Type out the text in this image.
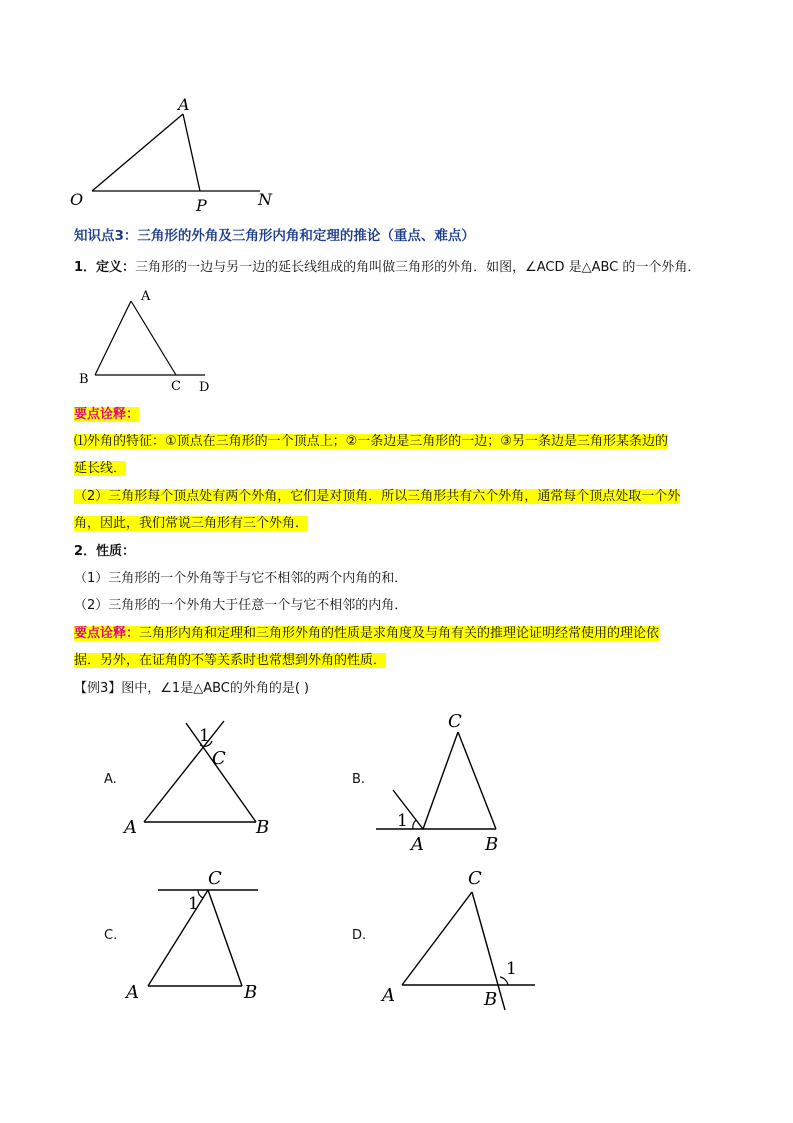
A
O	P	N
知识点3：三角形的外角及三角形内角和定理的推论（重点、难点）
1．定义：三角形的一边与另一边的延长线组成的角叫做三角形的外角．如图，∠ACD 是△ABC 的一个外角．
A
B	C D
要点诠释：
⑴外角的特征：①顶点在三角形的一个顶点上；②一条边是三角形的一边；③另一条边是三角形某条边的
延长线．
（2）三角形每个顶点处有两个外角，它们是对顶角．所以三角形共有六个外角，通常每个顶点处取一个外
角，因此，我们常说三角形有三个外角．
2．性质：
（1）三角形的一个外角等于与它不相邻的两个内角的和．
（2）三角形的一个外角大于任意一个与它不相邻的内角．
要点诠释：三角形内角和定理和三角形外角的性质是求角度及与角有关的推理论证明经常使用的理论依
据．另外，在证角的不等关系时也常想到外角的性质．
【例3】图中，∠1是△ABC的外角的是( )
A.
1
C
A	B
B.
1
C
A	B
C.
1
C
A	B
D.
1
C
A	B
